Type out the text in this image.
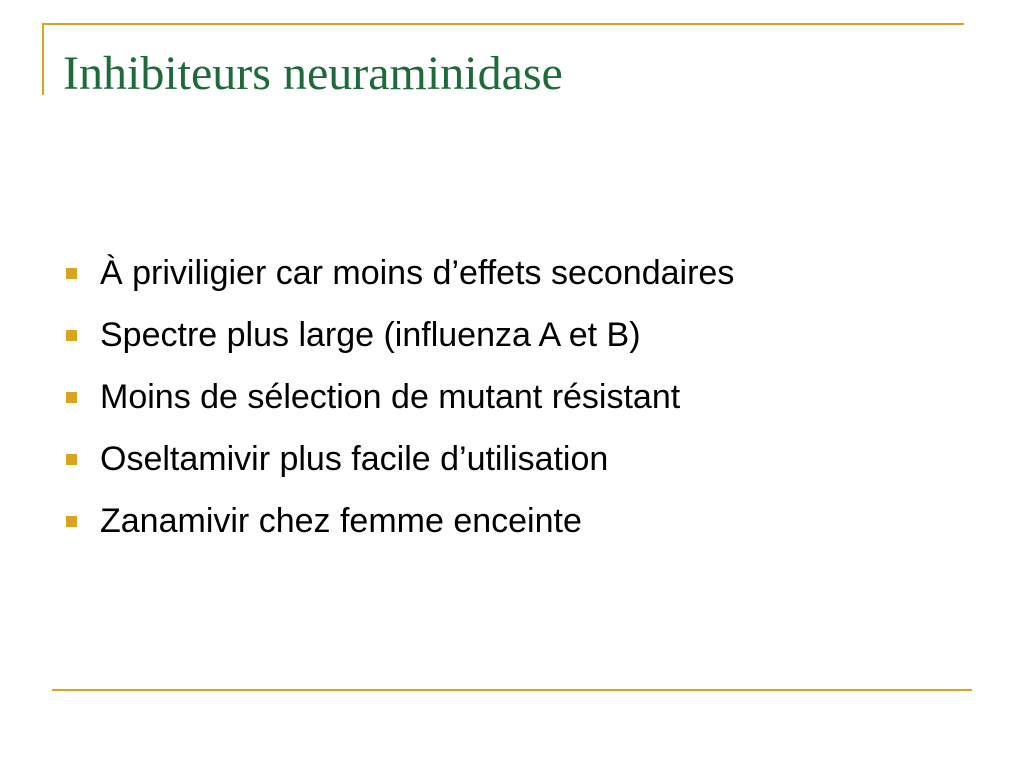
Inhibiteurs neuraminidase
À priviligier car moins d’effets secondaires
Spectre plus large (influenza A et B)
Moins de sélection de mutant résistant
Oseltamivir plus facile d’utilisation
Zanamivir chez femme enceinte
